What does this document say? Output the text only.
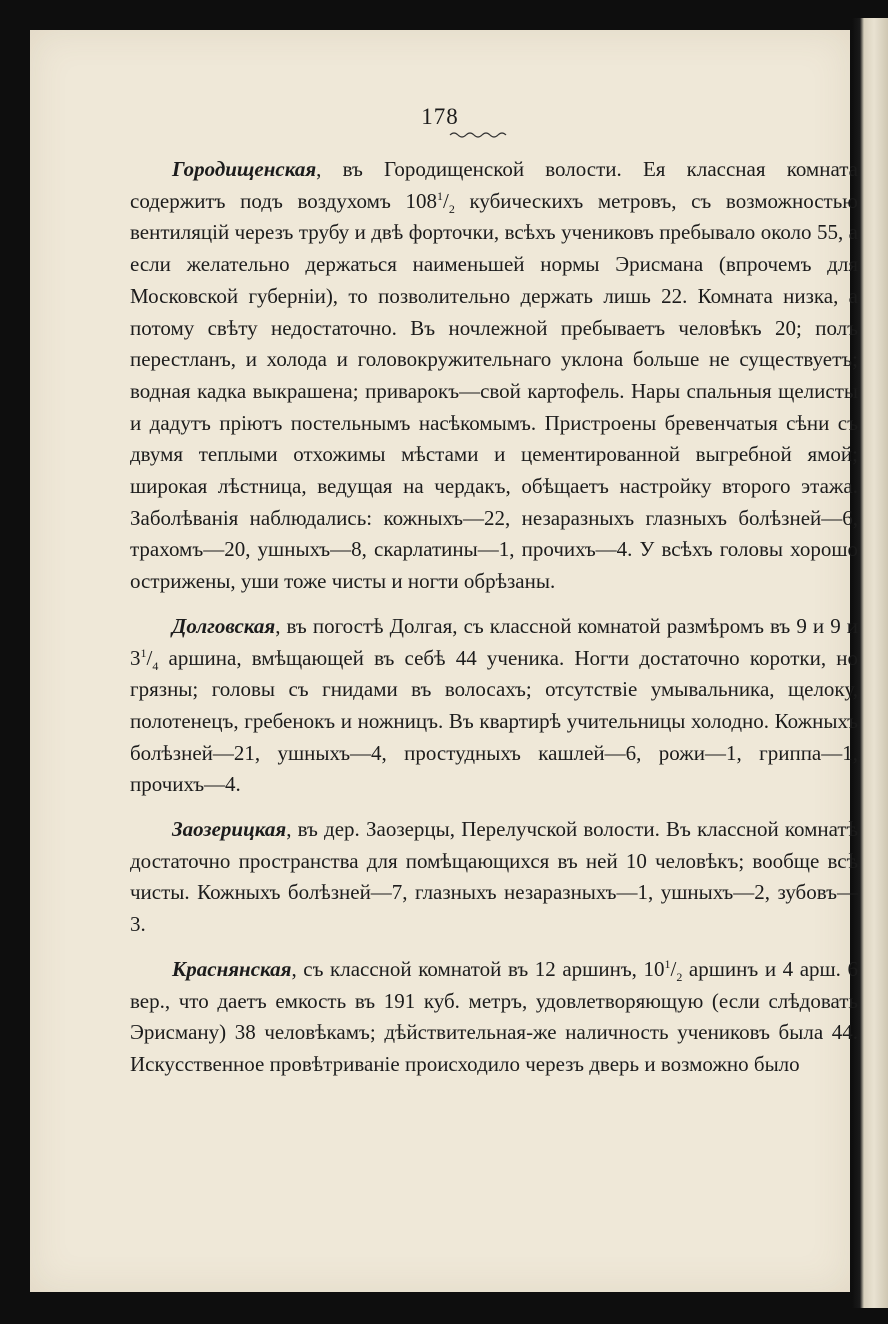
178

Городищенская, въ Городищенской волости. Ея классная комната содержитъ подъ воздухомъ $108^1/_2$ кубическихъ метровъ, съ возможностью вентиляцій черезъ трубу и двѣ форточки, всѣхъ учениковъ пребывало около 55, а если желательно держаться наименьшей нормы Эрисмана (впрочемъ для Московской губерніи), то позволительно держать лишь 22. Комната низка, а потому свѣту недостаточно. Въ ночлежной пребываетъ человѣкъ 20; полъ перестланъ, и холода и головокружительнаго уклона больше не существуетъ; водная кадка выкрашена; приварокъ—свой картофель. Нары спальныя щелисты и дадутъ пріютъ постельнымъ насѣкомымъ. Пристроены бревенчатыя сѣни съ двумя теплыми отхожимы мѣстами и цементированной выгребной ямой; широкая лѣстница, ведущая на чердакъ, обѣщаетъ настройку второго этажа. Заболѣванія наблюдались: кожныхъ—22, незаразныхъ глазныхъ болѣзней—6, трахомъ—20, ушныхъ—8, скарлатины—1, прочихъ—4. У всѣхъ головы хорошо острижены, уши тоже чисты и ногти обрѣзаны.

Долговская, въ погостѣ Долгая, съ классной комнатой размѣромъ въ 9 и 9 и $3^1/_4$ аршина, вмѣщающей въ себѣ 44 ученика. Ногти достаточно коротки, но грязны; головы съ гнидами въ волосахъ; отсутствіе умывальника, щелоку, полотенецъ, гребенокъ и ножницъ. Въ квартирѣ учительницы холодно. Кожныхъ болѣзней—21, ушныхъ—4, простудныхъ кашлей—6, рожи—1, гриппа—1, прочихъ—4.

Заозерицкая, въ дер. Заозерцы, Перелучской волости. Въ классной комнатѣ достаточно пространства для помѣщающихся въ ней 10 человѣкъ; вообще всѣ чисты. Кожныхъ болѣзней—7, глазныхъ незаразныхъ—1, ушныхъ—2, зубовъ—3.

Краснянская, съ классной комнатой въ 12 аршинъ, $10^1/_2$ аршинъ и 4 арш. 6 вер., что даетъ емкость въ 191 куб. метръ, удовлетворяющую (если слѣдовать Эрисману) 38 человѣкамъ; дѣйствительная-же наличность учениковъ была 44. Искусственное провѣтриваніе происходило черезъ дверь и возможно было
